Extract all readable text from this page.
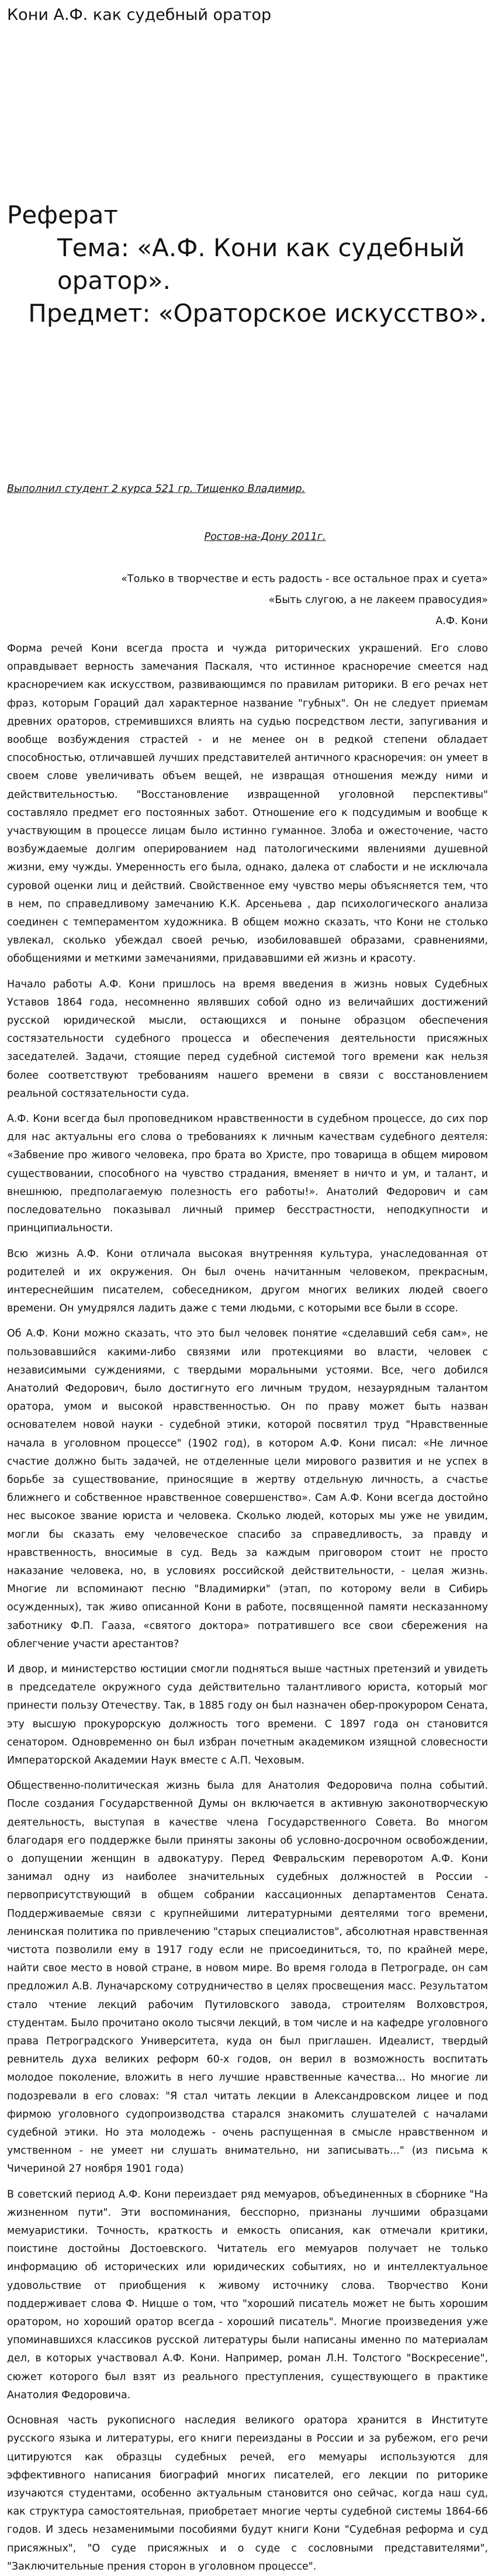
Кони А.Ф. как судебный оратор

Реферат

Тема: «А.Ф. Кони как судебный оратор».

Предмет: «Ораторское искусство».

Выполнил студент 2 курса 521 гр. Тищенко Владимир.
Ростов-на-Дону 2011г.

«Только в творчестве и есть радость - все остальное прах и суета»

«Быть слугою, а не лакеем правосудия»

А.Ф. Кони

Форма речей Кони всегда проста и чужда риторических украшений. Его слово оправдывает верность замечания Паскаля, что истинное красноречие смеется над красноречием как искусством, развивающимся по правилам риторики. В его речах нет фраз, которым Гораций дал характерное название "губных". Он не следует приемам древних ораторов, стремившихся влиять на судью посредством лести, запугивания и вообще возбуждения страстей - и не менее он в редкой степени обладает способностью, отличавшей лучших представителей античного красноречия: он умеет в своем слове увеличивать объем вещей, не извращая отношения между ними и действительностью. "Восстановление извращенной уголовной перспективы" составляло предмет его постоянных забот. Отношение его к подсудимым и вообще к участвующим в процессе лицам было истинно гуманное. Злоба и ожесточение, часто возбуждаемые долгим оперированием над патологическими явлениями душевной жизни, ему чужды. Умеренность его была, однако, далека от слабости и не исключала суровой оценки лиц и действий. Свойственное ему чувство меры объясняется тем, что в нем, по справедливому замечанию К.К. Арсеньева , дар психологического анализа соединен с темпераментом художника. В общем можно сказать, что Кони не столько увлекал, сколько убеждал своей речью, изобиловавшей образами, сравнениями, обобщениями и меткими замечаниями, придававшими ей жизнь и красоту.

Начало работы А.Ф. Кони пришлось на время введения в жизнь новых Судебных Уставов 1864 года, несомненно являвших собой одно из величайших достижений русской юридической мысли, остающихся и поныне образцом обеспечения состязательности судебного процесса и обеспечения деятельности присяжных заседателей. Задачи, стоящие перед судебной системой того времени как нельзя более соответствуют требованиям нашего времени в связи с восстановлением реальной состязательности суда.

А.Ф. Кони всегда был проповедником нравственности в судебном процессе, до сих пор для нас актуальны его слова о требованиях к личным качествам судебного деятеля: «Забвение про живого человека, про брата во Христе, про товарища в общем мировом существовании, способного на чувство страдания, вменяет в ничто и ум, и талант, и внешнюю, предполагаемую полезность его работы!». Анатолий Федорович и сам последовательно показывал личный пример бесстрастности, неподкупности и принципиальности.

Всю жизнь А.Ф. Кони отличала высокая внутренняя культура, унаследованная от родителей и их окружения. Он был очень начитанным человеком, прекрасным, интереснейшим писателем, собеседником, другом многих великих людей своего времени. Он умудрялся ладить даже с теми людьми, с которыми все были в ссоре.

Об А.Ф. Кони можно сказать, что это был человек понятие «сделавший себя сам», не пользовавшийся какими-либо связями или протекциями во власти, человек с независимыми суждениями, с твердыми моральными устоями. Все, чего добился Анатолий Федорович, было достигнуто его личным трудом, незаурядным талантом оратора, умом и высокой нравственностью. Он по праву может быть назван основателем новой науки - судебной этики, которой посвятил труд "Нравственные начала в уголовном процессе" (1902 год), в котором А.Ф. Кони писал: «Не личное счастие должно быть задачей, не отделенные цели мирового развития и не успех в борьбе за существование, приносящие в жертву отдельную личность, а счастье ближнего и собственное нравственное совершенство». Сам А.Ф. Кони всегда достойно нес высокое звание юриста и человека. Сколько людей, которых мы уже не увидим, могли бы сказать ему человеческое спасибо за справедливость, за правду и нравственность, вносимые в суд. Ведь за каждым приговором стоит не просто наказание человека, но, в условиях российской действительности, - целая жизнь. Многие ли вспоминают песню "Владимирки" (этап, по которому вели в Сибирь осужденных), так живо описанной Кони в работе, посвященной памяти несказанному заботнику Ф.П. Гааза, «святого доктора» потратившего все свои сбережения на облегчение участи арестантов?

И двор, и министерство юстиции смогли подняться выше частных претензий и увидеть в председателе окружного суда действительно талантливого юриста, который мог принести пользу Отечеству. Так, в 1885 году он был назначен обер-прокурором Сената, эту высшую прокурорскую должность того времени. С 1897 года он становится сенатором. Одновременно он был избран почетным академиком изящной словесности Императорской Академии Наук вместе с А.П. Чеховым.

Общественно-политическая жизнь была для Анатолия Федоровича полна событий. После создания Государственной Думы он включается в активную законотворческую деятельность, выступая в качестве члена Государственного Совета. Во многом благодаря его поддержке были приняты законы об условно-досрочном освобождении, о допущении женщин в адвокатуру. Перед Февральским переворотом А.Ф. Кони занимал одну из наиболее значительных судебных должностей в России - первоприсутствующий в общем собрании кассационных департаментов Сената. Поддерживаемые связи с крупнейшими литературными деятелями того времени, ленинская политика по привлечению "старых специалистов", абсолютная нравственная чистота позволили ему в 1917 году если не присоединиться, то, по крайней мере, найти свое место в новой стране, в новом мире. Во время голода в Петрограде, он сам предложил А.В. Луначарскому сотрудничество в целях просвещения масс. Результатом стало чтение лекций рабочим Путиловского завода, строителям Волховстроя, студентам. Было прочитано около тысячи лекций, в том числе и на кафедре уголовного права Петроградского Университета, куда он был приглашен. Идеалист, твердый ревнитель духа великих реформ 60-х годов, он верил в возможность воспитать молодое поколение, вложить в него лучшие нравственные качества... Но многие ли подозревали в его словах: "Я стал читать лекции в Александровском лицее и под фирмою уголовного судопроизводства старался знакомить слушателей с началами судебной этики. Но эта молодежь - очень распущенная в смысле нравственном и умственном - не умеет ни слушать внимательно, ни записывать..." (из письма к Чичериной 27 ноября 1901 года)

В советский период А.Ф. Кони переиздает ряд мемуаров, объединенных в сборнике "На жизненном пути". Эти воспоминания, бесспорно, признаны лучшими образцами мемуаристики. Точность, краткость и емкость описания, как отмечали критики, поистине достойны Достоевского. Читатель его мемуаров получает не только информацию об исторических или юридических событиях, но и интеллектуальное удовольствие от приобщения к живому источнику слова. Творчество Кони поддерживает слова Ф. Ницше о том, что "хороший писатель может не быть хорошим оратором, но хороший оратор всегда - хороший писатель". Многие произведения уже упоминавшихся классиков русской литературы были написаны именно по материалам дел, в которых участвовал А.Ф. Кони. Например, роман Л.Н. Толстого "Воскресение", сюжет которого был взят из реального преступления, существующего в практике Анатолия Федоровича.

Основная часть рукописного наследия великого оратора хранится в Институте русского языка и литературы, его книги переизданы в России и за рубежом, его речи цитируются как образцы судебных речей, его мемуары используются для эффективного написания биографий многих писателей, его лекции по риторике изучаются студентами, особенно актуальным становится оно сейчас, когда наш суд, как структура самостоятельная, приобретает многие черты судебной системы 1864-66 годов. И здесь незаменимыми пособиями будут книги Кони "Судебная реформа и суд присяжных", "О суде присяжных и о суде с сословными представителями", "Заключительные прения сторон в уголовном процессе".
